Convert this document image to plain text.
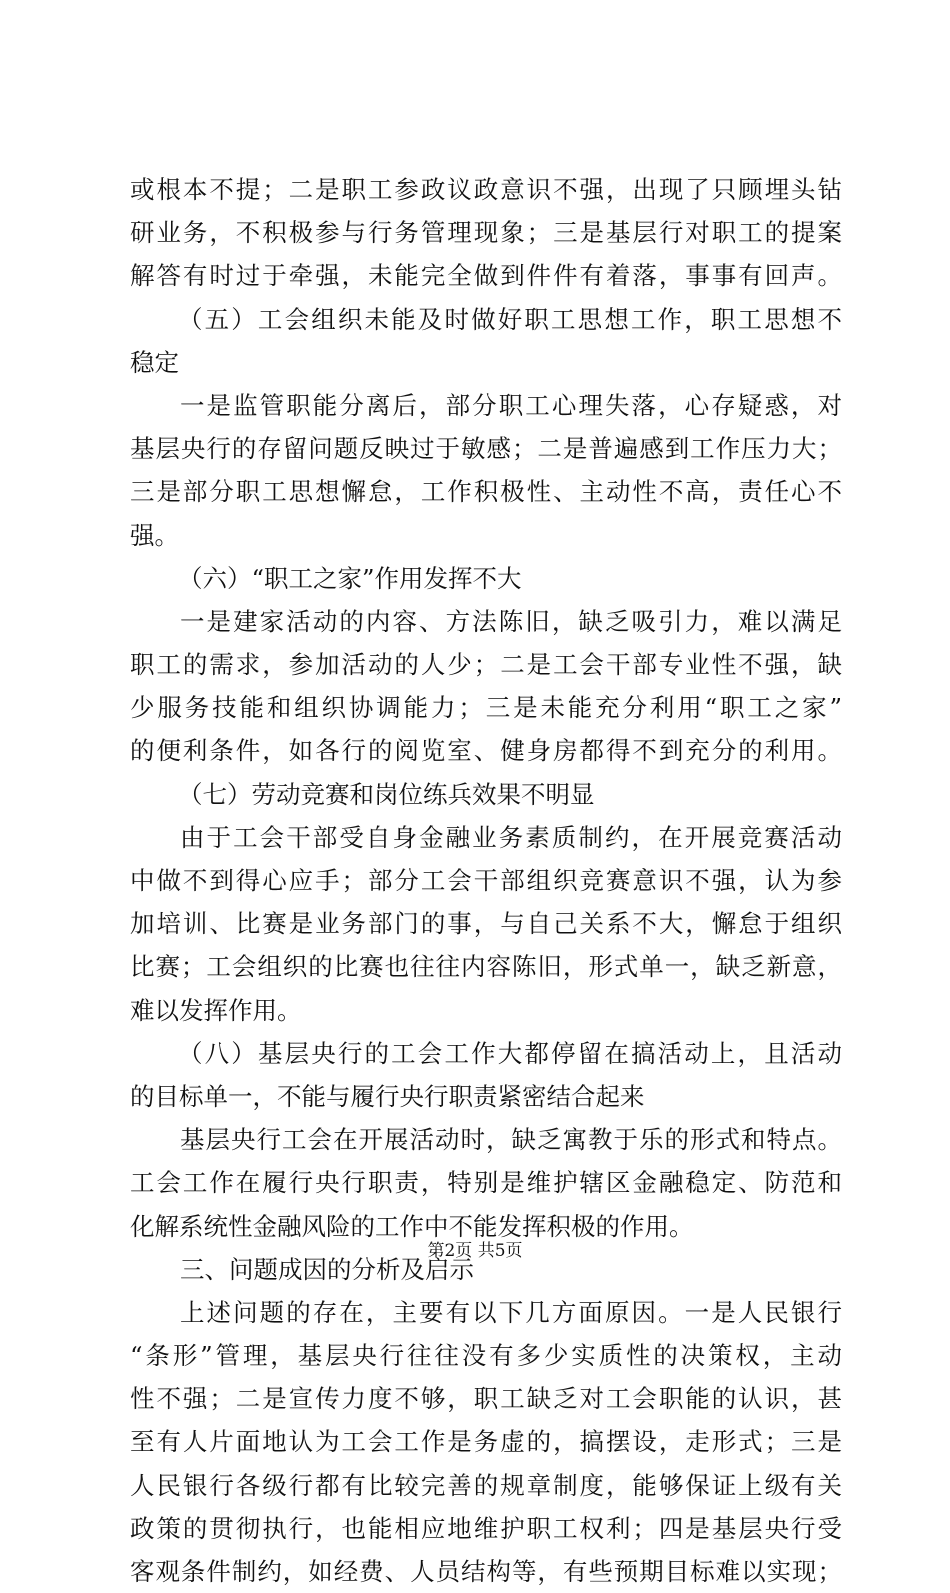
或根本不提；二是职工参政议政意识不强，出现了只顾埋头钻
研业务，不积极参与行务管理现象；三是基层行对职工的提案
解答有时过于牵强，未能完全做到件件有着落，事事有回声。
（五）工会组织未能及时做好职工思想工作，职工思想不
稳定
一是监管职能分离后，部分职工心理失落，心存疑惑，对
基层央行的存留问题反映过于敏感；二是普遍感到工作压力大；
三是部分职工思想懈怠，工作积极性、主动性不高，责任心不
强。
（六）“职工之家”作用发挥不大
一是建家活动的内容、方法陈旧，缺乏吸引力，难以满足
职工的需求，参加活动的人少；二是工会干部专业性不强，缺
少服务技能和组织协调能力；三是未能充分利用“职工之家”
的便利条件，如各行的阅览室、健身房都得不到充分的利用。
（七）劳动竞赛和岗位练兵效果不明显
由于工会干部受自身金融业务素质制约，在开展竞赛活动
中做不到得心应手；部分工会干部组织竞赛意识不强，认为参
加培训、比赛是业务部门的事，与自己关系不大，懈怠于组织
比赛；工会组织的比赛也往往内容陈旧，形式单一，缺乏新意，
难以发挥作用。
（八）基层央行的工会工作大都停留在搞活动上，且活动
的目标单一，不能与履行央行职责紧密结合起来
基层央行工会在开展活动时，缺乏寓教于乐的形式和特点。
工会工作在履行央行职责，特别是维护辖区金融稳定、防范和
化解系统性金融风险的工作中不能发挥积极的作用。
三、问题成因的分析及启示
上述问题的存在，主要有以下几方面原因。一是人民银行
“条形”管理，基层央行往往没有多少实质性的决策权，主动
性不强；二是宣传力度不够，职工缺乏对工会职能的认识，甚
至有人片面地认为工会工作是务虚的，搞摆设，走形式；三是
人民银行各级行都有比较完善的规章制度，能够保证上级有关
政策的贯彻执行，也能相应地维护职工权利；四是基层央行受
客观条件制约，如经费、人员结构等，有些预期目标难以实现；
第2页 共5页
